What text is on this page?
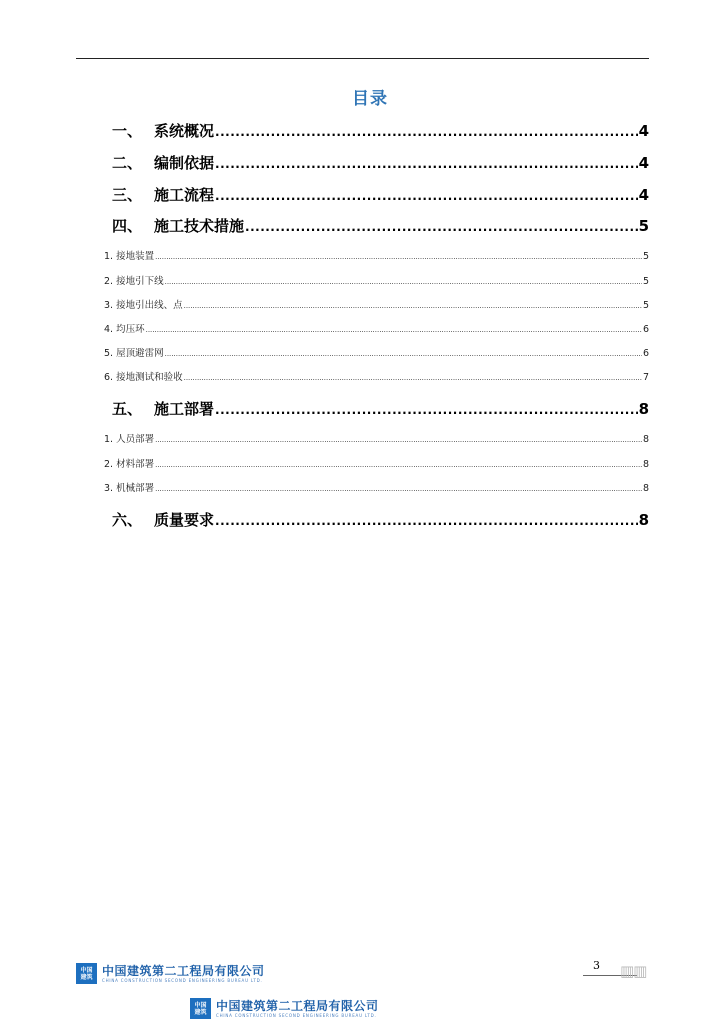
目录
一、 系统概况 .....	4
二、 编制依据 .....	4
三、 施工流程 .....	4
四、 施工技术措施 .....	5
1. 接地装置 .....	5
2. 接地引下线 .....	5
3. 接地引出线、点 .....	5
4. 均压环 .....	6
5. 屋顶避雷网 .....	6
6. 接地测试和验收 .....	7
五、 施工部署 .....	8
1. 人员部署 .....	8
2. 材料部署 .....	8
3. 机械部署 .....	8
六、 质量要求 .....	8
3 ▥▥
中国
建筑 中国建筑第二工程局有限公司
CHINA CONSTRUCTION SECOND ENGINEERING BUREAU LTD.
中国
建筑 中国建筑第二工程局有限公司
CHINA CONSTRUCTION SECOND ENGINEERING BUREAU LTD.
